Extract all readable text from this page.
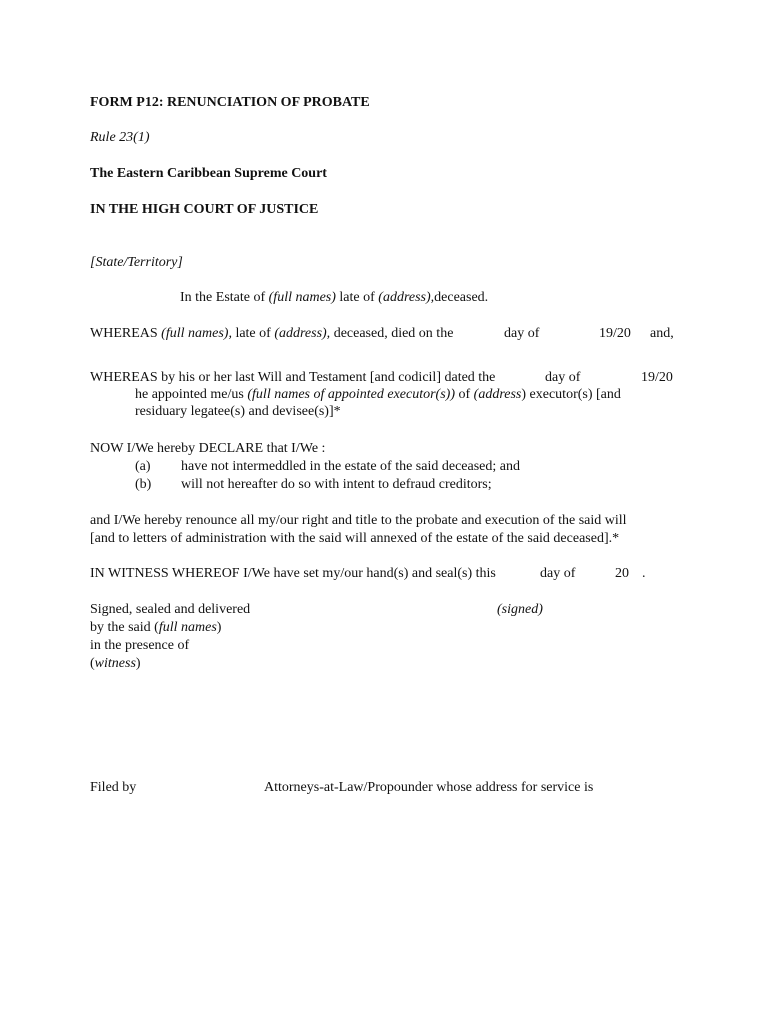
FORM P12: RENUNCIATION OF PROBATE
Rule 23(1)
The Eastern Caribbean Supreme Court
IN THE HIGH COURT OF JUSTICE
[State/Territory]
In the Estate of (full names) late of (address),deceased.
WHEREAS (full names), late of (address), deceased, died on the	day of	19/20 and,
WHEREAS by his or her last Will and Testament [and codicil] dated the	day of	19/20
he appointed me/us (full names of appointed executor(s)) of (address) executor(s) [and
residuary legatee(s) and devisee(s)]*
NOW I/We hereby DECLARE that I/We :
(a) have not intermeddled in the estate of the said deceased; and
(b) will not hereafter do so with intent to defraud creditors;
and I/We hereby renounce all my/our right and title to the probate and execution of the said will
[and to letters of administration with the said will annexed of the estate of the said deceased].*
IN WITNESS WHEREOF I/We have set my/our hand(s) and seal(s) this	day of	20 .
Signed, sealed and delivered	(signed)
by the said (full names)
in the presence of
(witness)
Filed by	Attorneys-at-Law/Propounder whose address for service is
